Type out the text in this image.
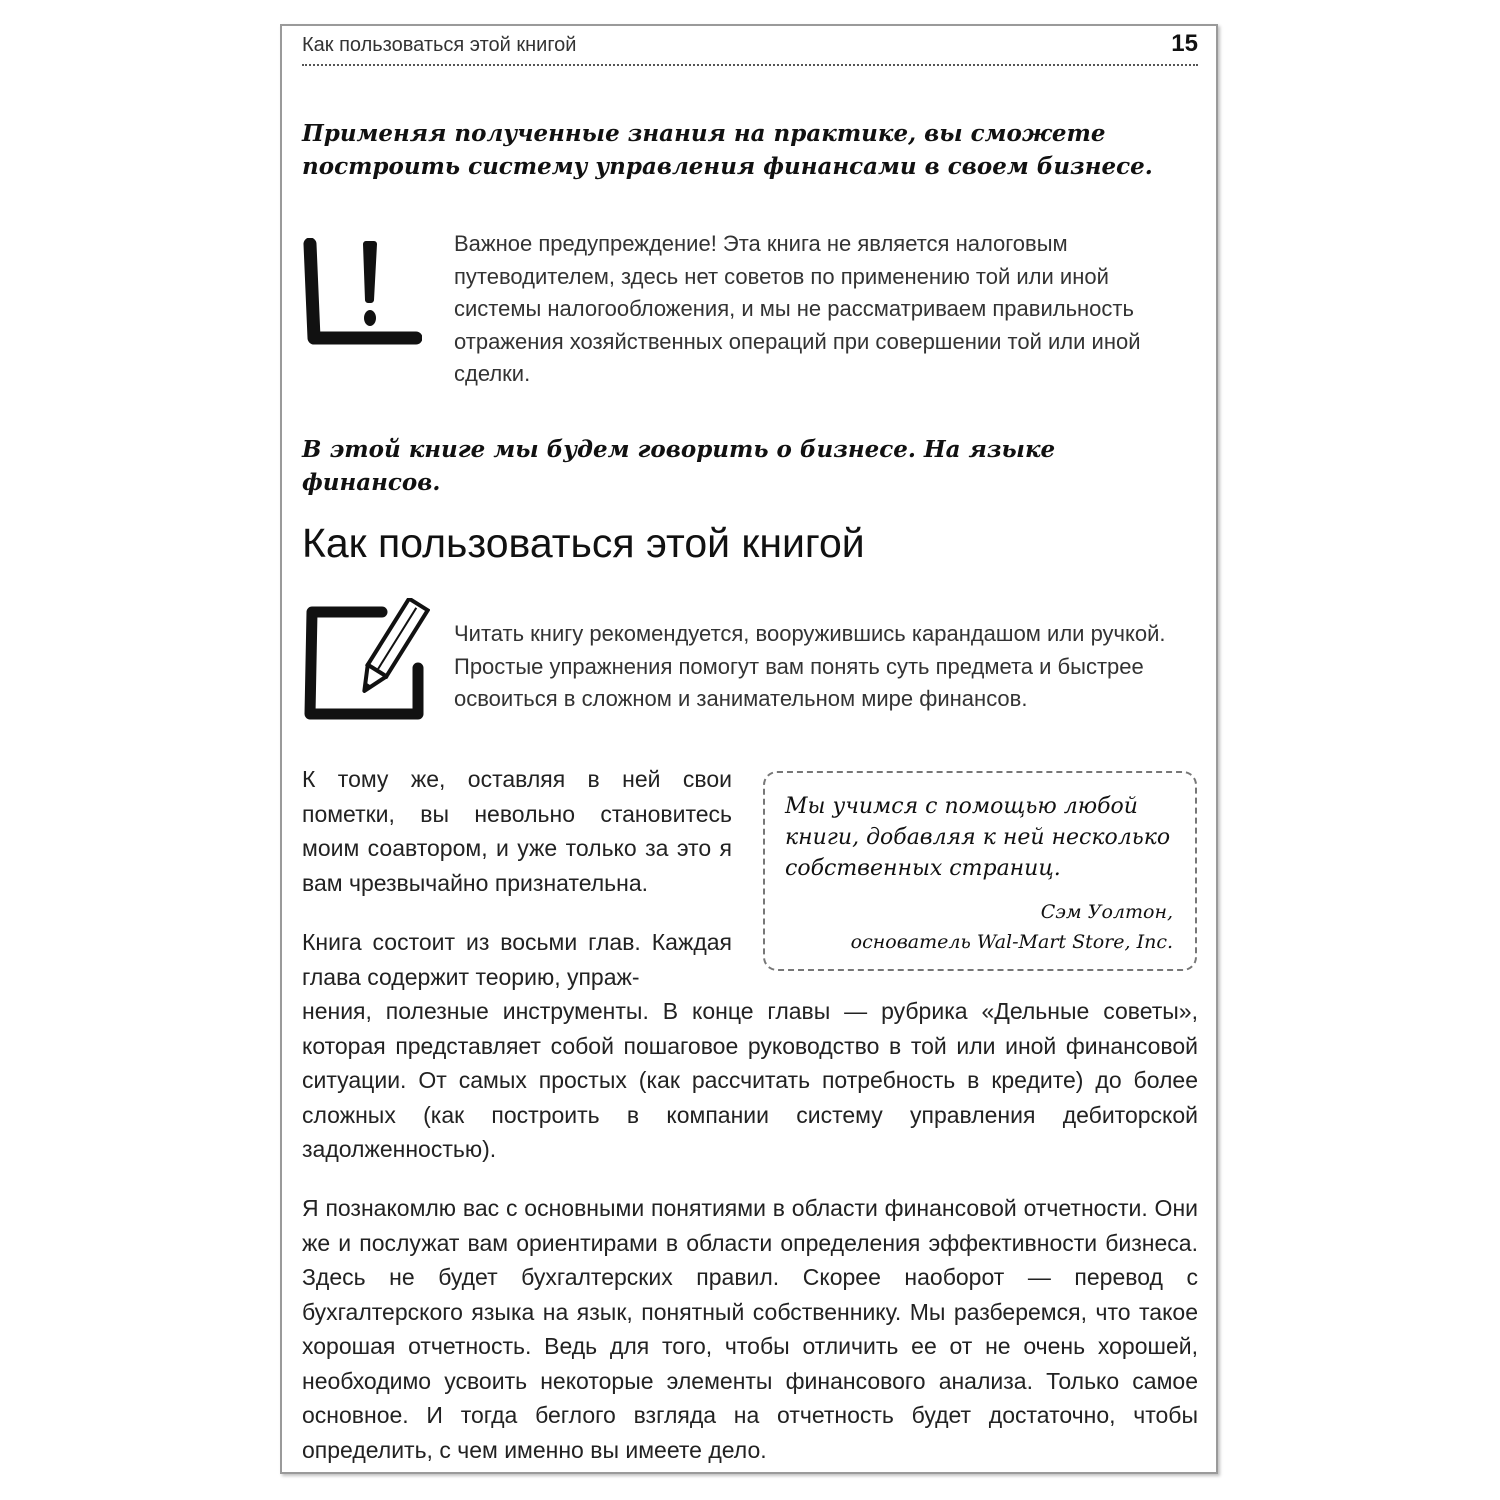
Как пользоваться этой книгой	15

Применяя полученные знания на практике, вы сможете построить систему управления финансами в своем бизнесе.

Важное предупреждение! Эта книга не является налоговым путеводителем, здесь нет советов по применению той или иной системы налогообложения, и мы не рассматриваем правильность отражения хозяйственных операций при совершении той или иной сделки.

В этой книге мы будем говорить о бизнесе. На языке финансов.

Как пользоваться этой книгой

Читать книгу рекомендуется, вооружившись карандашом или ручкой. Простые упражнения помогут вам понять суть предмета и быстрее освоиться в сложном и занимательном мире финансов.

К тому же, оставляя в ней свои пометки, вы невольно становитесь моим соавтором, и уже только за это я вам чрезвычайно признательна.

Книга состоит из восьми глав. Каждая глава содержит теорию, упраж-

нения, полезные инструменты. В конце главы — рубрика «Дельные советы», которая представляет собой пошаговое руководство в той или иной финансовой ситуации. От самых простых (как рассчитать потребность в кредите) до более сложных (как построить в компании систему управления дебиторской задолженностью).

Я познакомлю вас с основными понятиями в области финансовой отчетности. Они же и послужат вам ориентирами в области определения эффективности бизнеса. Здесь не будет бухгалтерских правил. Скорее наоборот — перевод с бухгалтерского языка на язык, понятный собственнику. Мы разберемся, что такое хорошая отчетность. Ведь для того, чтобы отличить ее от не очень хорошей, необходимо усвоить некоторые элементы финансового анализа. Только самое основное. И тогда беглого взгляда на отчетность будет достаточно, чтобы определить, с чем именно вы имеете дело.

Мы учимся с помощью любой книги, добавляя к ней несколько собственных страниц.
Сэм Уолтон,
основатель Wal-Mart Store, Inc.
